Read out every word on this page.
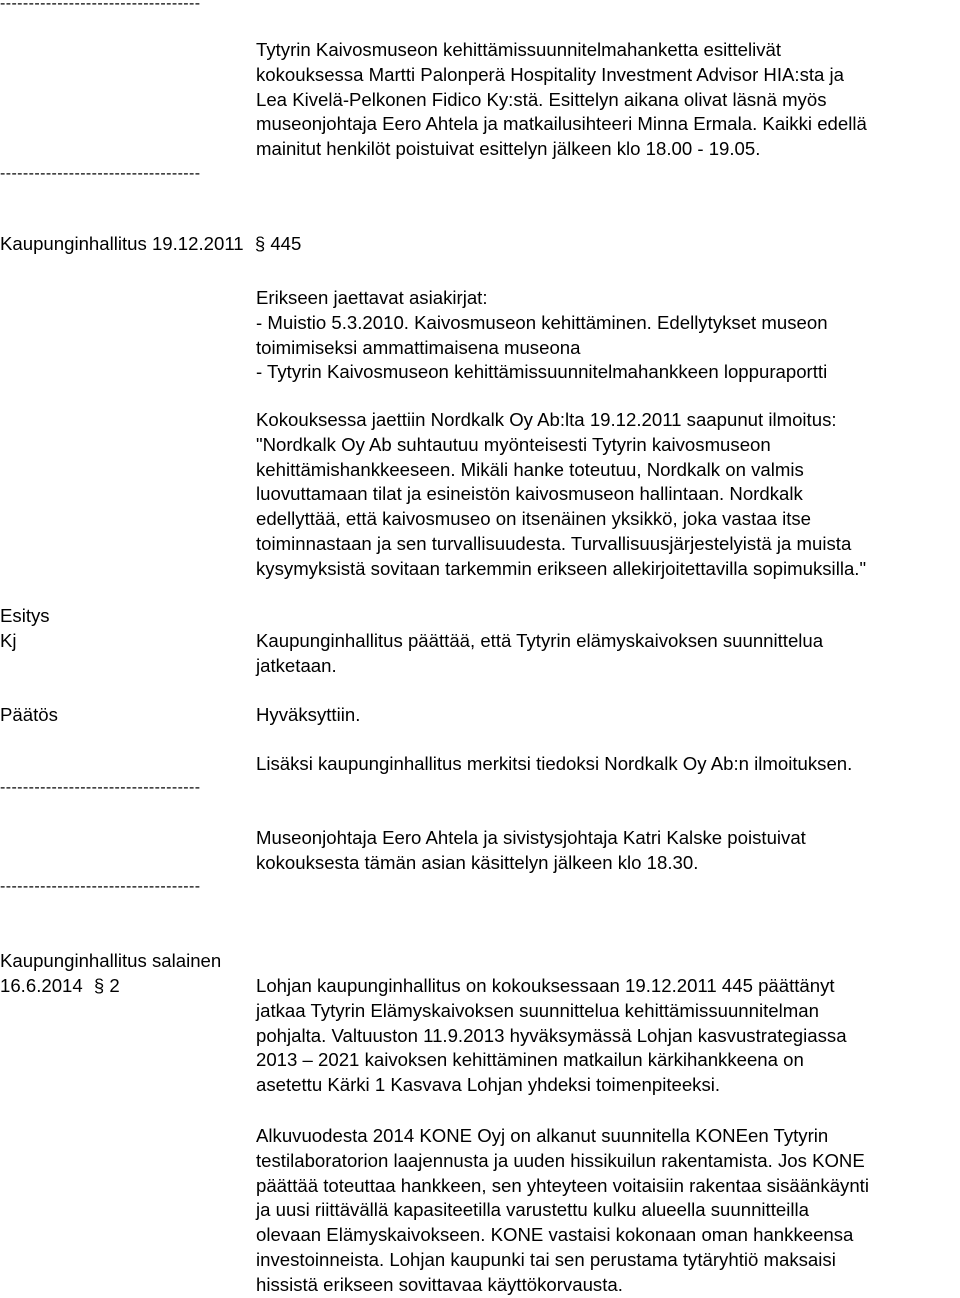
-----------------------------------
Tytyrin Kaivosmuseon kehittämissuunnitelmahanketta esittelivät
kokouksessa Martti Palonperä Hospitality Investment Advisor HIA:sta ja
Lea Kivelä-Pelkonen Fidico Ky:stä. Esittelyn aikana olivat läsnä myös
museonjohtaja Eero Ahtela ja matkailusihteeri Minna Ermala. Kaikki edellä
mainitut henkilöt poistuivat esittelyn jälkeen klo 18.00 - 19.05.
-----------------------------------
Kaupunginhallitus 19.12.2011 § 445
Erikseen jaettavat asiakirjat:
- Muistio 5.3.2010. Kaivosmuseon kehittäminen. Edellytykset museon
toimimiseksi ammattimaisena museona
- Tytyrin Kaivosmuseon kehittämissuunnitelmahankkeen loppuraportti
Kokouksessa jaettiin Nordkalk Oy Ab:lta 19.12.2011 saapunut ilmoitus:
"Nordkalk Oy Ab suhtautuu myönteisesti Tytyrin kaivosmuseon
kehittämishankkeeseen. Mikäli hanke toteutuu, Nordkalk on valmis
luovuttamaan tilat ja esineistön kaivosmuseon hallintaan. Nordkalk
edellyttää, että kaivosmuseo on itsenäinen yksikkö, joka vastaa itse
toiminnastaan ja sen turvallisuudesta. Turvallisuusjärjestelyistä ja muista
kysymyksistä sovitaan tarkemmin erikseen allekirjoitettavilla sopimuksilla."
Esitys
Kj	Kaupunginhallitus päättää, että Tytyrin elämyskaivoksen suunnittelua
jatketaan.
Päätös	Hyväksyttiin.
Lisäksi kaupunginhallitus merkitsi tiedoksi Nordkalk Oy Ab:n ilmoituksen.
-----------------------------------
Museonjohtaja Eero Ahtela ja sivistysjohtaja Katri Kalske poistuivat
kokouksesta tämän asian käsittelyn jälkeen klo 18.30.
-----------------------------------
Kaupunginhallitus salainen
16.6.2014 § 2	Lohjan kaupunginhallitus on kokouksessaan 19.12.2011 445 päättänyt
jatkaa Tytyrin Elämyskaivoksen suunnittelua kehittämissuunnitelman
pohjalta. Valtuuston 11.9.2013 hyväksymässä Lohjan kasvustrategiassa
2013 – 2021 kaivoksen kehittäminen matkailun kärkihankkeena on
asetettu Kärki 1 Kasvava Lohjan yhdeksi toimenpiteeksi.
Alkuvuodesta 2014 KONE Oyj on alkanut suunnitella KONEen Tytyrin
testilaboratorion laajennusta ja uuden hissikuilun rakentamista. Jos KONE
päättää toteuttaa hankkeen, sen yhteyteen voitaisiin rakentaa sisäänkäynti
ja uusi riittävällä kapasiteetilla varustettu kulku alueella suunnitteilla
olevaan Elämyskaivokseen. KONE vastaisi kokonaan oman hankkeensa
investoinneista. Lohjan kaupunki tai sen perustama tytäryhtiö maksaisi
hissistä erikseen sovittavaa käyttökorvausta.
